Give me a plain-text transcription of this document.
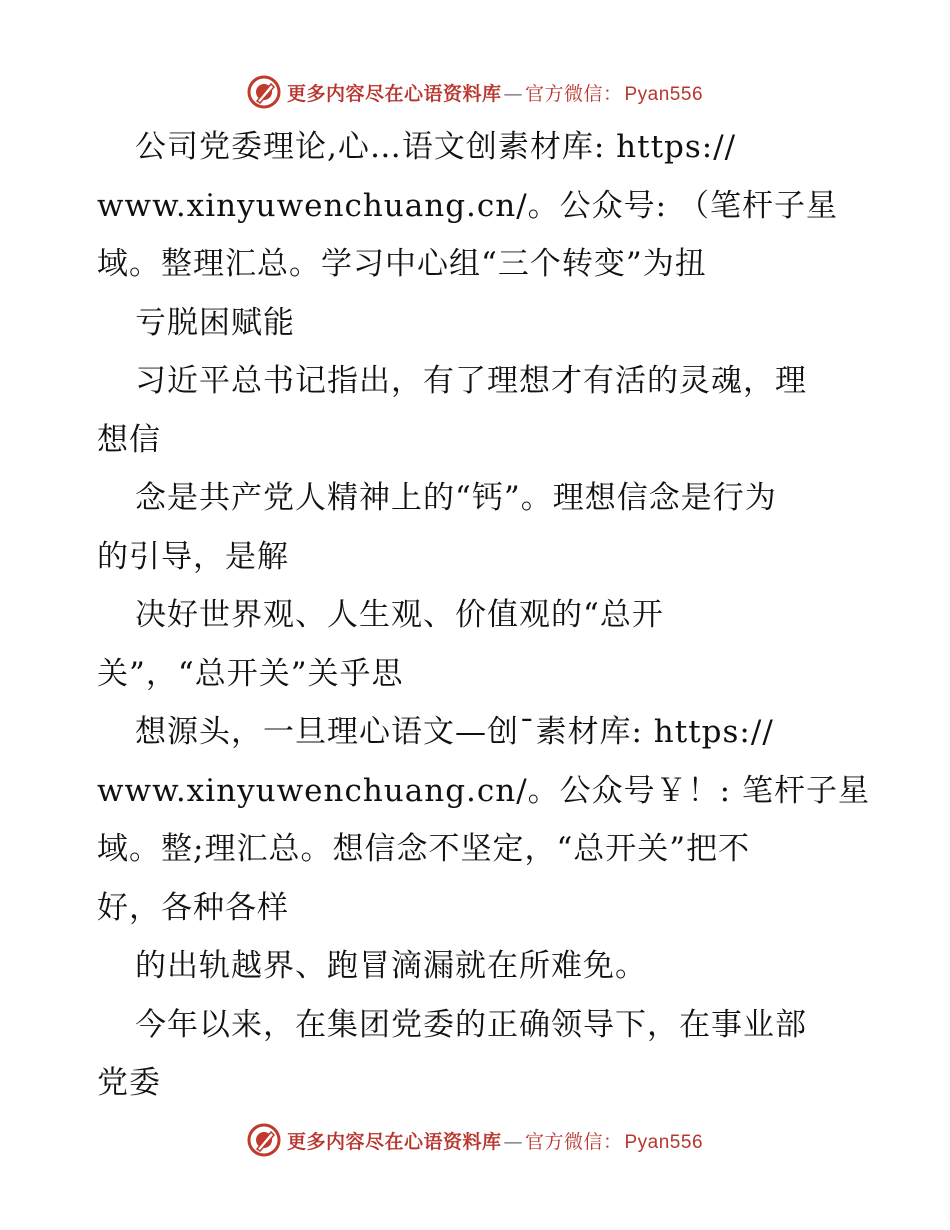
更多内容尽在心语资料库 — 官方微信： Pyan556
公司党委理论,心…语文创素材库: https://
www.xinyuwenchuang.cn/。公众号: （笔杆子星
域。整理汇总。学习中心组“三个转变”为扭
亏脱困赋能
习近平总书记指出，有了理想才有活的灵魂，理
想信
念是共产党人精神上的“钙”。理想信念是行为
的引导，是解
决好世界观、人生观、价值观的“总开
关”，“总开关”关乎思
想源头，一旦理心语文—创¯素材库: https://
www.xinyuwenchuang.cn/。公众号￥！: 笔杆子星
域。整;理汇总。想信念不坚定，“总开关”把不
好，各种各样
的出轨越界、跑冒滴漏就在所难免。
今年以来，在集团党委的正确领导下，在事业部
党委
更多内容尽在心语资料库 — 官方微信： Pyan556
